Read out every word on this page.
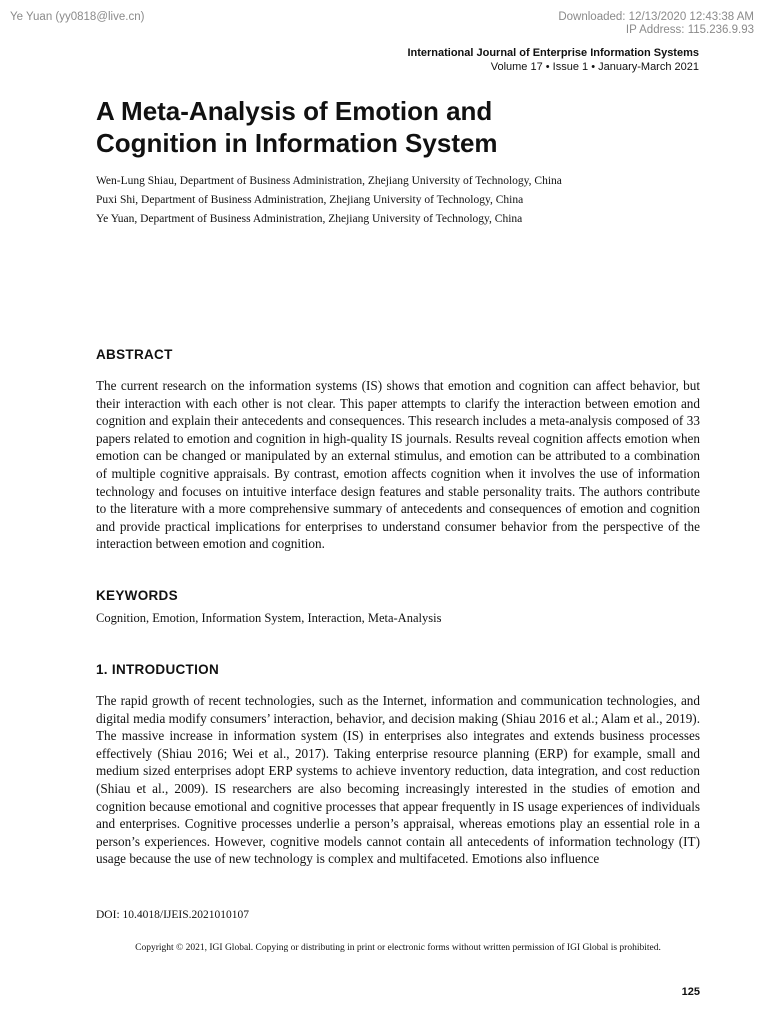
Ye Yuan (yy0818@live.cn)	Downloaded: 12/13/2020 12:43:38 AM
IP Address: 115.236.9.93
International Journal of Enterprise Information Systems
Volume 17 • Issue 1 • January-March 2021
A Meta-Analysis of Emotion and
Cognition in Information System
Wen-Lung Shiau, Department of Business Administration, Zhejiang University of Technology, China
Puxi Shi, Department of Business Administration, Zhejiang University of Technology, China
Ye Yuan, Department of Business Administration, Zhejiang University of Technology, China
ABSTRACT
The current research on the information systems (IS) shows that emotion and cognition can affect behavior, but their interaction with each other is not clear. This paper attempts to clarify the interaction between emotion and cognition and explain their antecedents and consequences. This research includes a meta-analysis composed of 33 papers related to emotion and cognition in high-quality IS journals. Results reveal cognition affects emotion when emotion can be changed or manipulated by an external stimulus, and emotion can be attributed to a combination of multiple cognitive appraisals. By contrast, emotion affects cognition when it involves the use of information technology and focuses on intuitive interface design features and stable personality traits. The authors contribute to the literature with a more comprehensive summary of antecedents and consequences of emotion and cognition and provide practical implications for enterprises to understand consumer behavior from the perspective of the interaction between emotion and cognition.
KEYWORDS
Cognition, Emotion, Information System, Interaction, Meta-Analysis
1. INTRODUCTION
The rapid growth of recent technologies, such as the Internet, information and communication technologies, and digital media modify consumers’ interaction, behavior, and decision making (Shiau 2016 et al.; Alam et al., 2019). The massive increase in information system (IS) in enterprises also integrates and extends business processes effectively (Shiau 2016; Wei et al., 2017). Taking enterprise resource planning (ERP) for example, small and medium sized enterprises adopt ERP systems to achieve inventory reduction, data integration, and cost reduction (Shiau et al., 2009). IS researchers are also becoming increasingly interested in the studies of emotion and cognition because emotional and cognitive processes that appear frequently in IS usage experiences of individuals and enterprises. Cognitive processes underlie a person’s appraisal, whereas emotions play an essential role in a person’s experiences. However, cognitive models cannot contain all antecedents of information technology (IT) usage because the use of new technology is complex and multifaceted. Emotions also influence
DOI: 10.4018/IJEIS.2021010107
Copyright © 2021, IGI Global. Copying or distributing in print or electronic forms without written permission of IGI Global is prohibited.
125
